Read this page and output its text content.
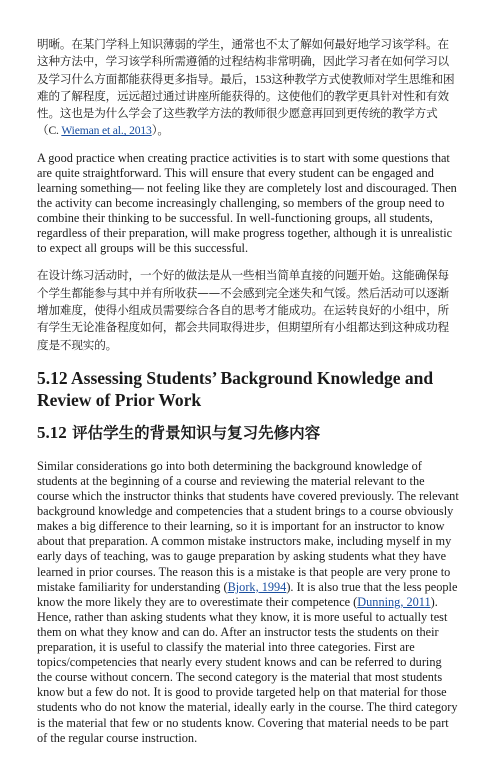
明晰。在某门学科上知识薄弱的学生，通常也不太了解如何最好地学习该学科。在这种方法中，学习该学科所需遵循的过程结构非常明确，因此学习者在如何学习以及学习什么方面都能获得更多指导。最后，153这种教学方式使教师对学生思维和困难的了解程度，远远超过通过讲座所能获得的。这使他们的教学更具针对性和有效性。这也是为什么学会了这些教学方法的教师很少愿意再回到更传统的教学方式（C. Wieman et al., 2013）。

A good practice when creating practice activities is to start with some questions that are quite straightforward. This will ensure that every student can be engaged and learning something— not feeling like they are completely lost and discouraged. Then the activity can become increasingly challenging, so members of the group need to combine their thinking to be successful. In well-functioning groups, all students, regardless of their preparation, will make progress together, although it is unrealistic to expect all groups will be this successful.

在设计练习活动时，一个好的做法是从一些相当简单直接的问题开始。这能确保每个学生都能参与其中并有所收获——不会感到完全迷失和气馁。然后活动可以逐渐增加难度，使得小组成员需要综合各自的思考才能成功。在运转良好的小组中，所有学生无论准备程度如何，都会共同取得进步，但期望所有小组都达到这种成功程度是不现实的。

5.12 Assessing Students’ Background Knowledge and Review of Prior Work
5.12 评估学生的背景知识与复习先修内容

Similar considerations go into both determining the background knowledge of students at the beginning of a course and reviewing the material relevant to the course which the instructor thinks that students have covered previously. The relevant background knowledge and competencies that a student brings to a course obviously makes a big difference to their learning, so it is important for an instructor to know about that preparation. A common mistake instructors make, including myself in my early days of teaching, was to gauge preparation by asking students what they have learned in prior courses. The reason this is a mistake is that people are very prone to mistake familiarity for understanding (Bjork, 1994). It is also true that the less people know the more likely they are to overestimate their competence (Dunning, 2011). Hence, rather than asking students what they know, it is more useful to actually test them on what they know and can do. After an instructor tests the students on their preparation, it is useful to classify the material into three categories. First are topics/competencies that nearly every student knows and can be referred to during the course without concern. The second category is the material that most students know but a few do not. It is good to provide targeted help on that material for those students who do not know the material, ideally early in the course. The third category is the material that few or no students know. Covering that material needs to be part of the regular course instruction.
